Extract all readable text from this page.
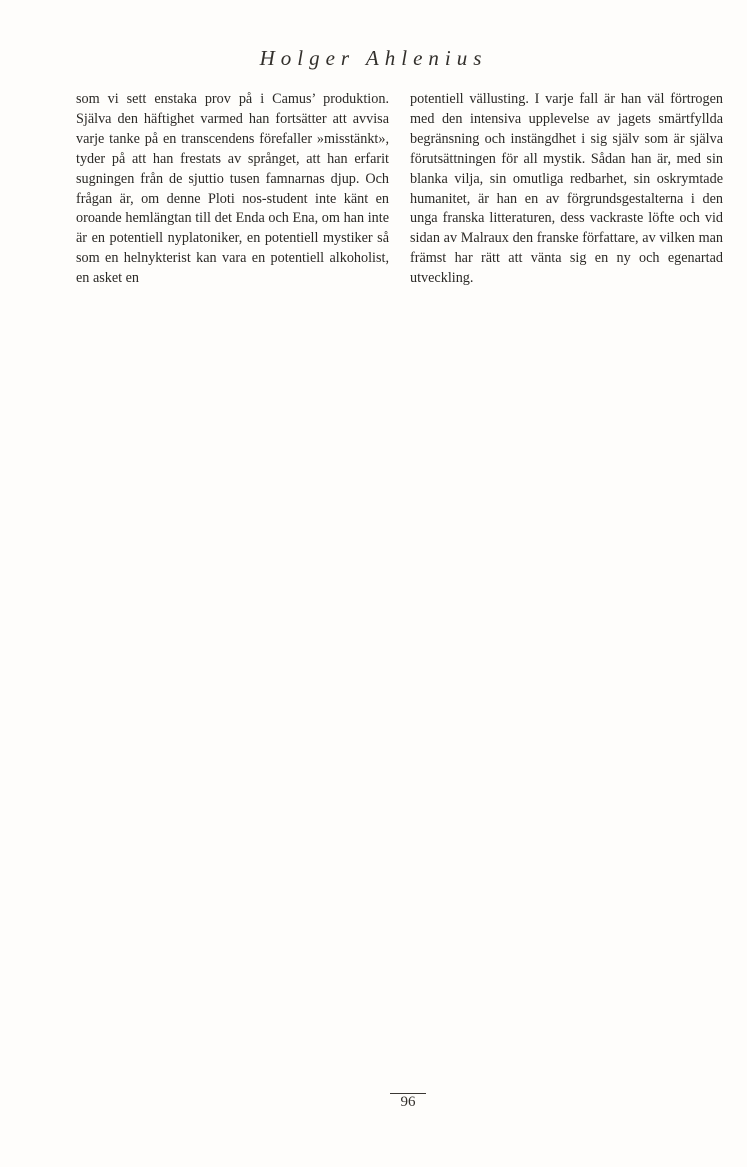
Holger Ahlenius

som vi sett enstaka prov på i Camus’ produktion. Själva den häftighet varmed han fortsätter att avvisa varje tanke på en transcendens förefaller »misstänkt», tyder på att han frestats av språnget, att han erfarit sugningen från de sjuttio tusen famnarnas djup. Och frågan är, om denne Ploti nos-student inte känt en oroande hemlängtan till det Enda och Ena, om han inte är en potentiell nyplatoniker, en potentiell mystiker så som en helnykterist kan vara en potentiell alkoholist, en asket en

potentiell vällusting. I varje fall är han väl förtrogen med den intensiva upplevelse av jagets smärtfyllda begränsning och instängdhet i sig själv som är själva förutsättningen för all mystik. Sådan han är, med sin blanka vilja, sin omutliga redbarhet, sin oskrymtade humanitet, är han en av förgrundsgestalterna i den unga franska litteraturen, dess vackraste löfte och vid sidan av Malraux den franske författare, av vilken man främst har rätt att vänta sig en ny och egenartad utveckling.

96
